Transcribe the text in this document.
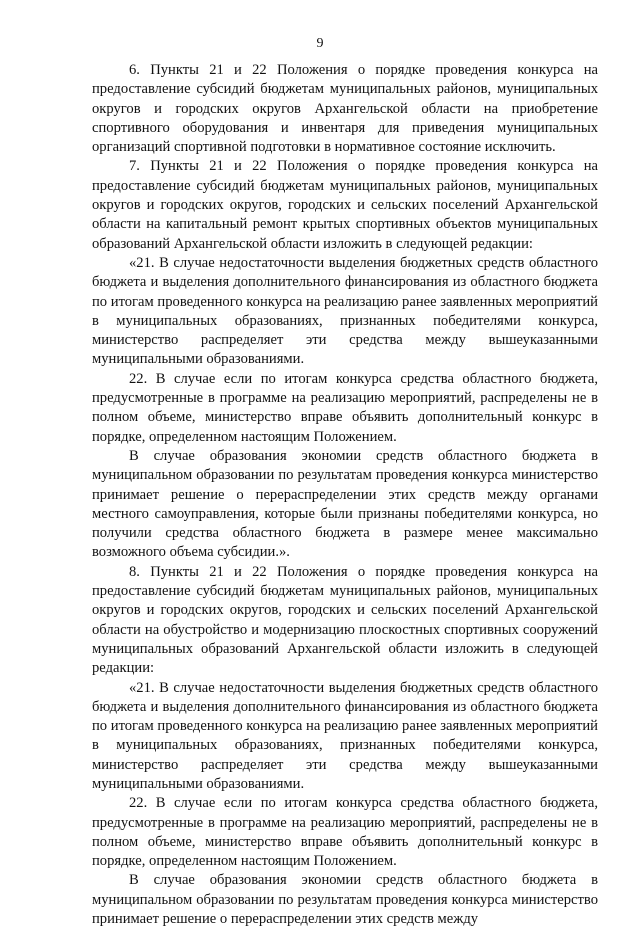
9

6. Пункты 21 и 22 Положения о порядке проведения конкурса на предоставление субсидий бюджетам муниципальных районов, муниципальных округов и городских округов Архангельской области на приобретение спортивного оборудования и инвентаря для приведения муниципальных организаций спортивной подготовки в нормативное состояние исключить.

7. Пункты 21 и 22 Положения о порядке проведения конкурса на предоставление субсидий бюджетам муниципальных районов, муниципальных округов и городских округов, городских и сельских поселений Архангельской области на капитальный ремонт крытых спортивных объектов муниципальных образований Архангельской области изложить в следующей редакции:

«21. В случае недостаточности выделения бюджетных средств областного бюджета и выделения дополнительного финансирования из областного бюджета по итогам проведенного конкурса на реализацию ранее заявленных мероприятий в муниципальных образованиях, признанных победителями конкурса, министерство распределяет эти средства между вышеуказанными муниципальными образованиями.

22. В случае если по итогам конкурса средства областного бюджета, предусмотренные в программе на реализацию мероприятий, распределены не в полном объеме, министерство вправе объявить дополнительный конкурс в порядке, определенном настоящим Положением.

В случае образования экономии средств областного бюджета в муниципальном образовании по результатам проведения конкурса министерство принимает решение о перераспределении этих средств между органами местного самоуправления, которые были признаны победителями конкурса, но получили средства областного бюджета в размере менее максимально возможного объема субсидии.».

8. Пункты 21 и 22 Положения о порядке проведения конкурса на предоставление субсидий бюджетам муниципальных районов, муниципальных округов и городских округов, городских и сельских поселений Архангельской области на обустройство и модернизацию плоскостных спортивных сооружений муниципальных образований Архангельской области изложить в следующей редакции:

«21. В случае недостаточности выделения бюджетных средств областного бюджета и выделения дополнительного финансирования из областного бюджета по итогам проведенного конкурса на реализацию ранее заявленных мероприятий в муниципальных образованиях, признанных победителями конкурса, министерство распределяет эти средства между вышеуказанными муниципальными образованиями.

22. В случае если по итогам конкурса средства областного бюджета, предусмотренные в программе на реализацию мероприятий, распределены не в полном объеме, министерство вправе объявить дополнительный конкурс в порядке, определенном настоящим Положением.

В случае образования экономии средств областного бюджета в муниципальном образовании по результатам проведения конкурса министерство принимает решение о перераспределении этих средств между
